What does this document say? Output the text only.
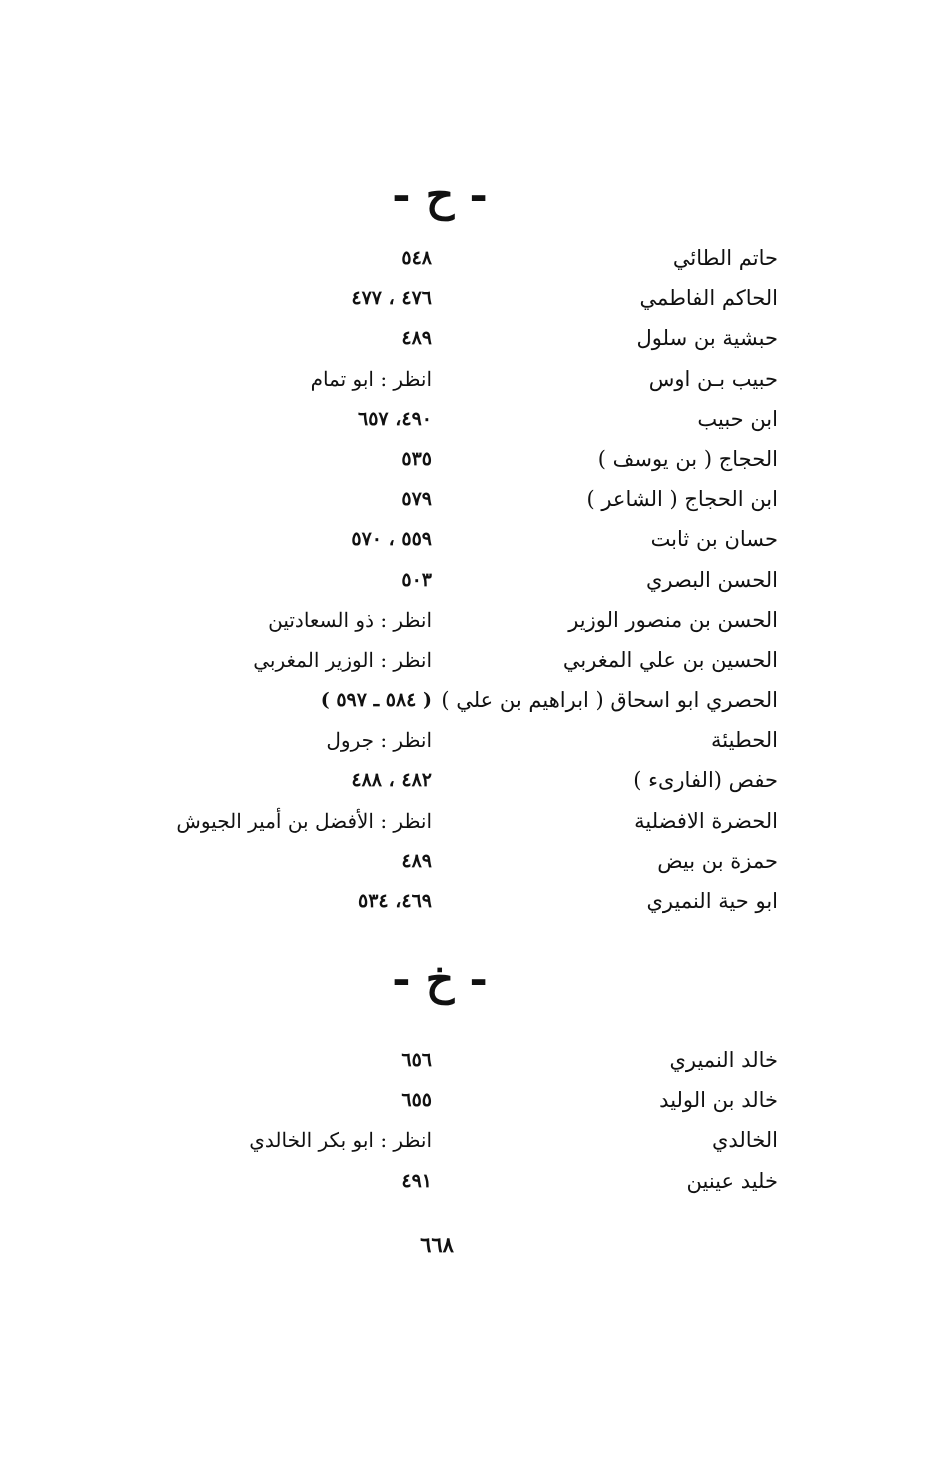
- ح -
حاتم الطائي
٥٤٨
الحاكم الفاطمي
٤٧٦ ، ٤٧٧
حبشية بن سلول
٤٨٩
حبيب بـن اوس
انظر : ابو تمام
ابن حبيب
٤٩٠، ٦٥٧
الحجاج ( بن يوسف )
٥٣٥
ابن الحجاج ( الشاعر )
٥٧٩
حسان بن ثابت
٥٥٩ ، ٥٧٠
الحسن البصري
٥٠٣
الحسن بن منصور الوزير
انظر : ذو السعادتين
الحسين بن علي المغربي
انظر : الوزير المغربي
الحصري ابو اسحاق ( ابراهيم بن علي )
( ٥٨٤ ـ ٥٩٧ )
الحطيئة
انظر : جرول
حفص (الفارىء )
٤٨٢ ، ٤٨٨
الحضرة الافضلية
انظر : الأفضل بن أمير الجيوش
حمزة بن بيض
٤٨٩
ابو حية النميري
٤٦٩، ٥٣٤
- خ -
خالد النميري
٦٥٦
خالد بن الوليد
٦٥٥
الخالدي
انظر : ابو بكر الخالدي
خليد عينين
٤٩١
٦٦٨
